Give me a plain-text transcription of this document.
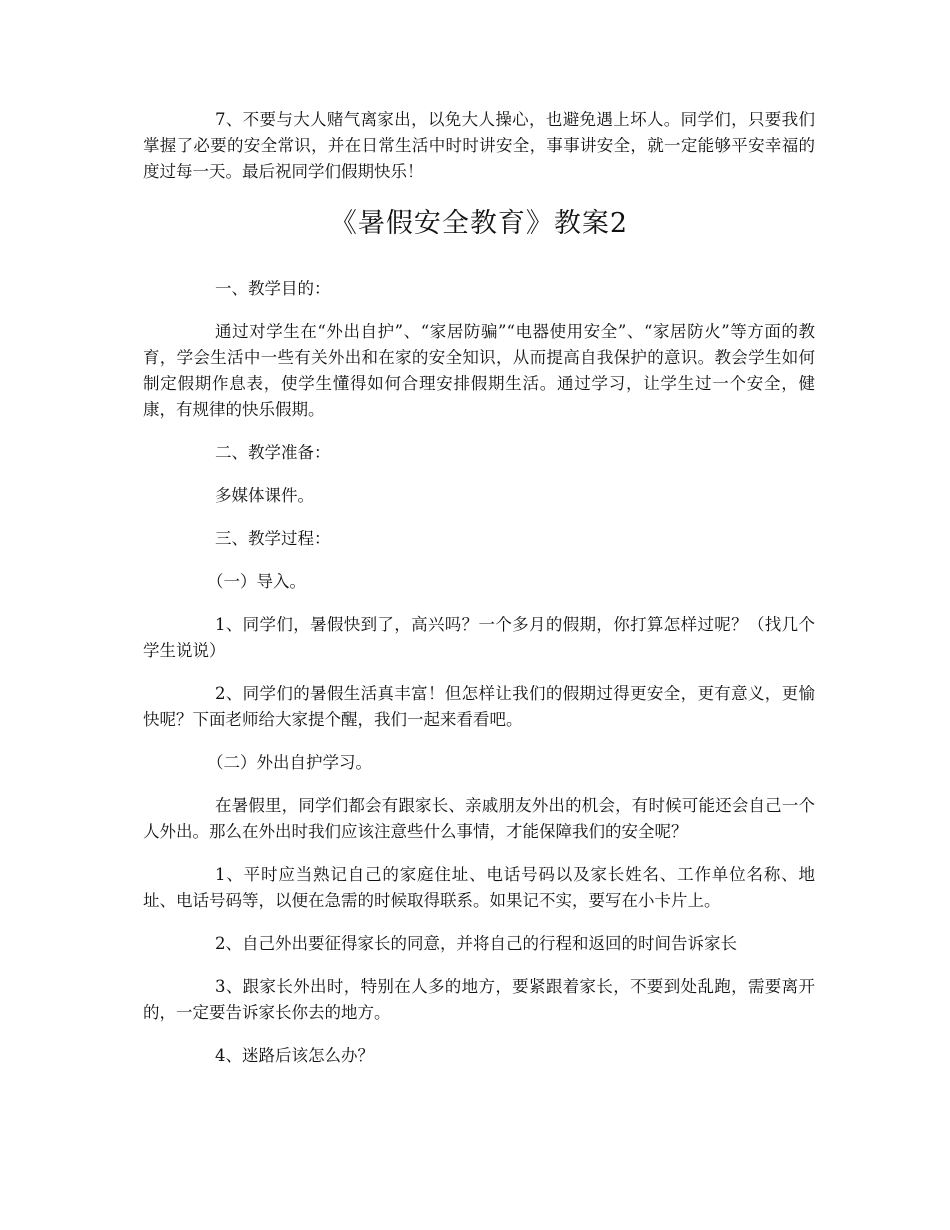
7、不要与大人赌气离家出，以免大人操心，也避免遇上坏人。同学们，只要我们掌握了必要的安全常识，并在日常生活中时时讲安全，事事讲安全，就一定能够平安幸福的度过每一天。最后祝同学们假期快乐！

《暑假安全教育》教案2

一、教学目的：

通过对学生在“外出自护”、“家居防骗”“电器使用安全”、“家居防火”等方面的教育，学会生活中一些有关外出和在家的安全知识，从而提高自我保护的意识。教会学生如何制定假期作息表，使学生懂得如何合理安排假期生活。通过学习，让学生过一个安全，健康，有规律的快乐假期。

二、教学准备：

多媒体课件。

三、教学过程：

（一）导入。

1、同学们，暑假快到了，高兴吗？一个多月的假期，你打算怎样过呢？（找几个学生说说）

2、同学们的暑假生活真丰富！但怎样让我们的假期过得更安全，更有意义，更愉快呢？下面老师给大家提个醒，我们一起来看看吧。

（二）外出自护学习。

在暑假里，同学们都会有跟家长、亲戚朋友外出的机会，有时候可能还会自己一个人外出。那么在外出时我们应该注意些什么事情，才能保障我们的安全呢？

1、平时应当熟记自己的家庭住址、电话号码以及家长姓名、工作单位名称、地址、电话号码等，以便在急需的时候取得联系。如果记不实，要写在小卡片上。

2、自己外出要征得家长的同意，并将自己的行程和返回的时间告诉家长

3、跟家长外出时，特别在人多的地方，要紧跟着家长，不要到处乱跑，需要离开的，一定要告诉家长你去的地方。

4、迷路后该怎么办？
